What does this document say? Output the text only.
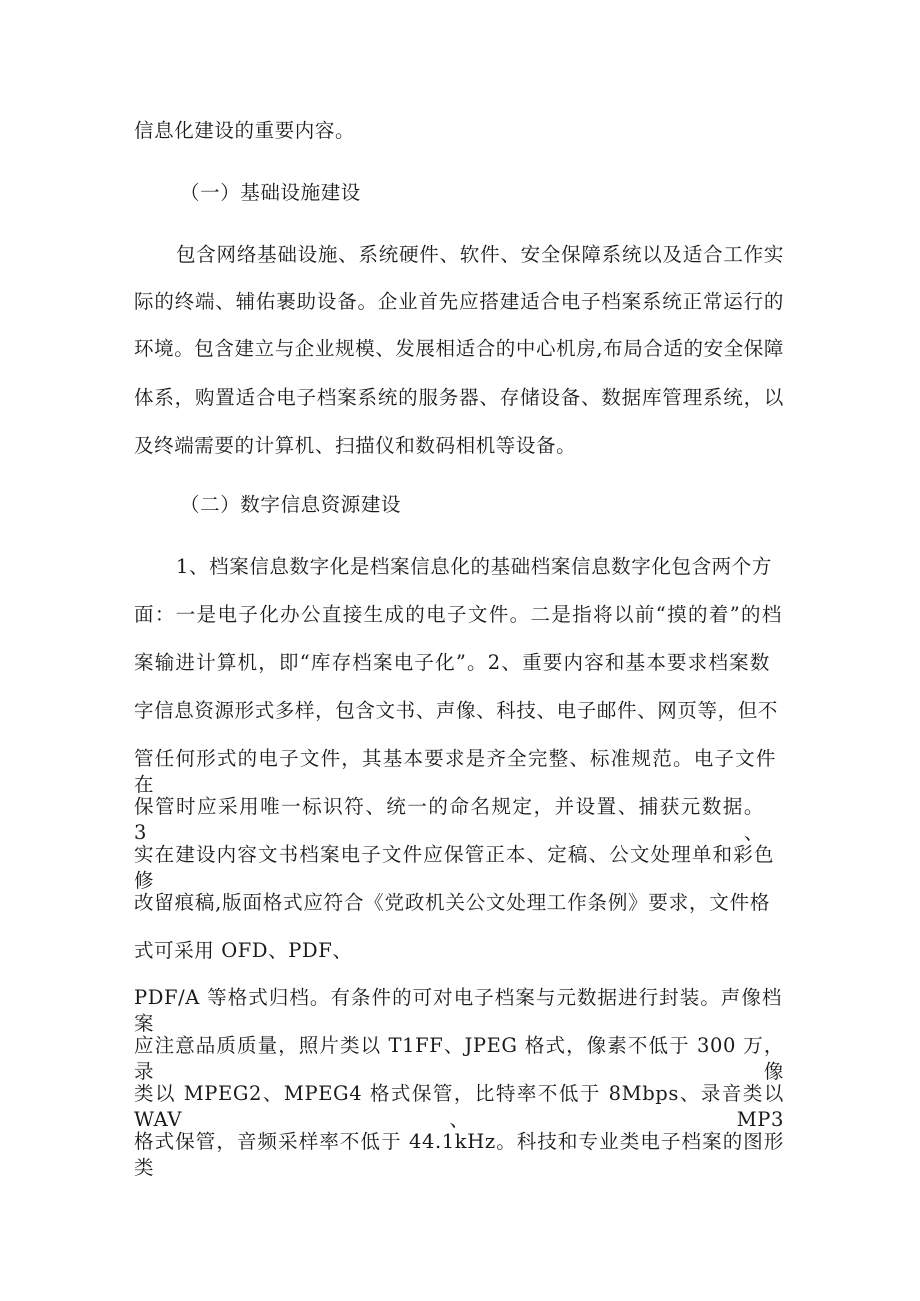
信息化建设的重要内容。
（一）基础设施建设
包含网络基础设施、系统硬件、软件、安全保障系统以及适合工作实
际的终端、辅佑裹助设备。企业首先应搭建适合电子档案系统正常运行的
环境。包含建立与企业规模、发展相适合的中心机房,布局合适的安全保障
体系，购置适合电子档案系统的服务器、存储设备、数据库管理系统，以
及终端需要的计算机、扫描仪和数码相机等设备。
（二）数字信息资源建设
1、档案信息数字化是档案信息化的基础档案信息数字化包含两个方
面：一是电子化办公直接生成的电子文件。二是指将以前“摸的着”的档
案输进计算机，即“库存档案电子化”。2、重要内容和基本要求档案数
字信息资源形式多样，包含文书、声像、科技、电子邮件、网页等，但不
管任何形式的电子文件，其基本要求是齐全完整、标准规范。电子文件在
保管时应采用唯一标识符、统一的命名规定，并设置、捕获元数据。3、
实在建设内容文书档案电子文件应保管正本、定稿、公文处理单和彩色修
改留痕稿,版面格式应符合《党政机关公文处理工作条例》要求，文件格
式可采用 OFD、PDF、
PDF/A 等格式归档。有条件的可对电子档案与元数据进行封装。声像档案
应注意品质质量，照片类以 T1FF、JPEG 格式，像素不低于 300 万，录像
类以 MPEG2、MPEG4 格式保管，比特率不低于 8Mbps、录音类以 WAV、MP3
格式保管，音频采样率不低于 44.1kHz。科技和专业类电子档案的图形类
